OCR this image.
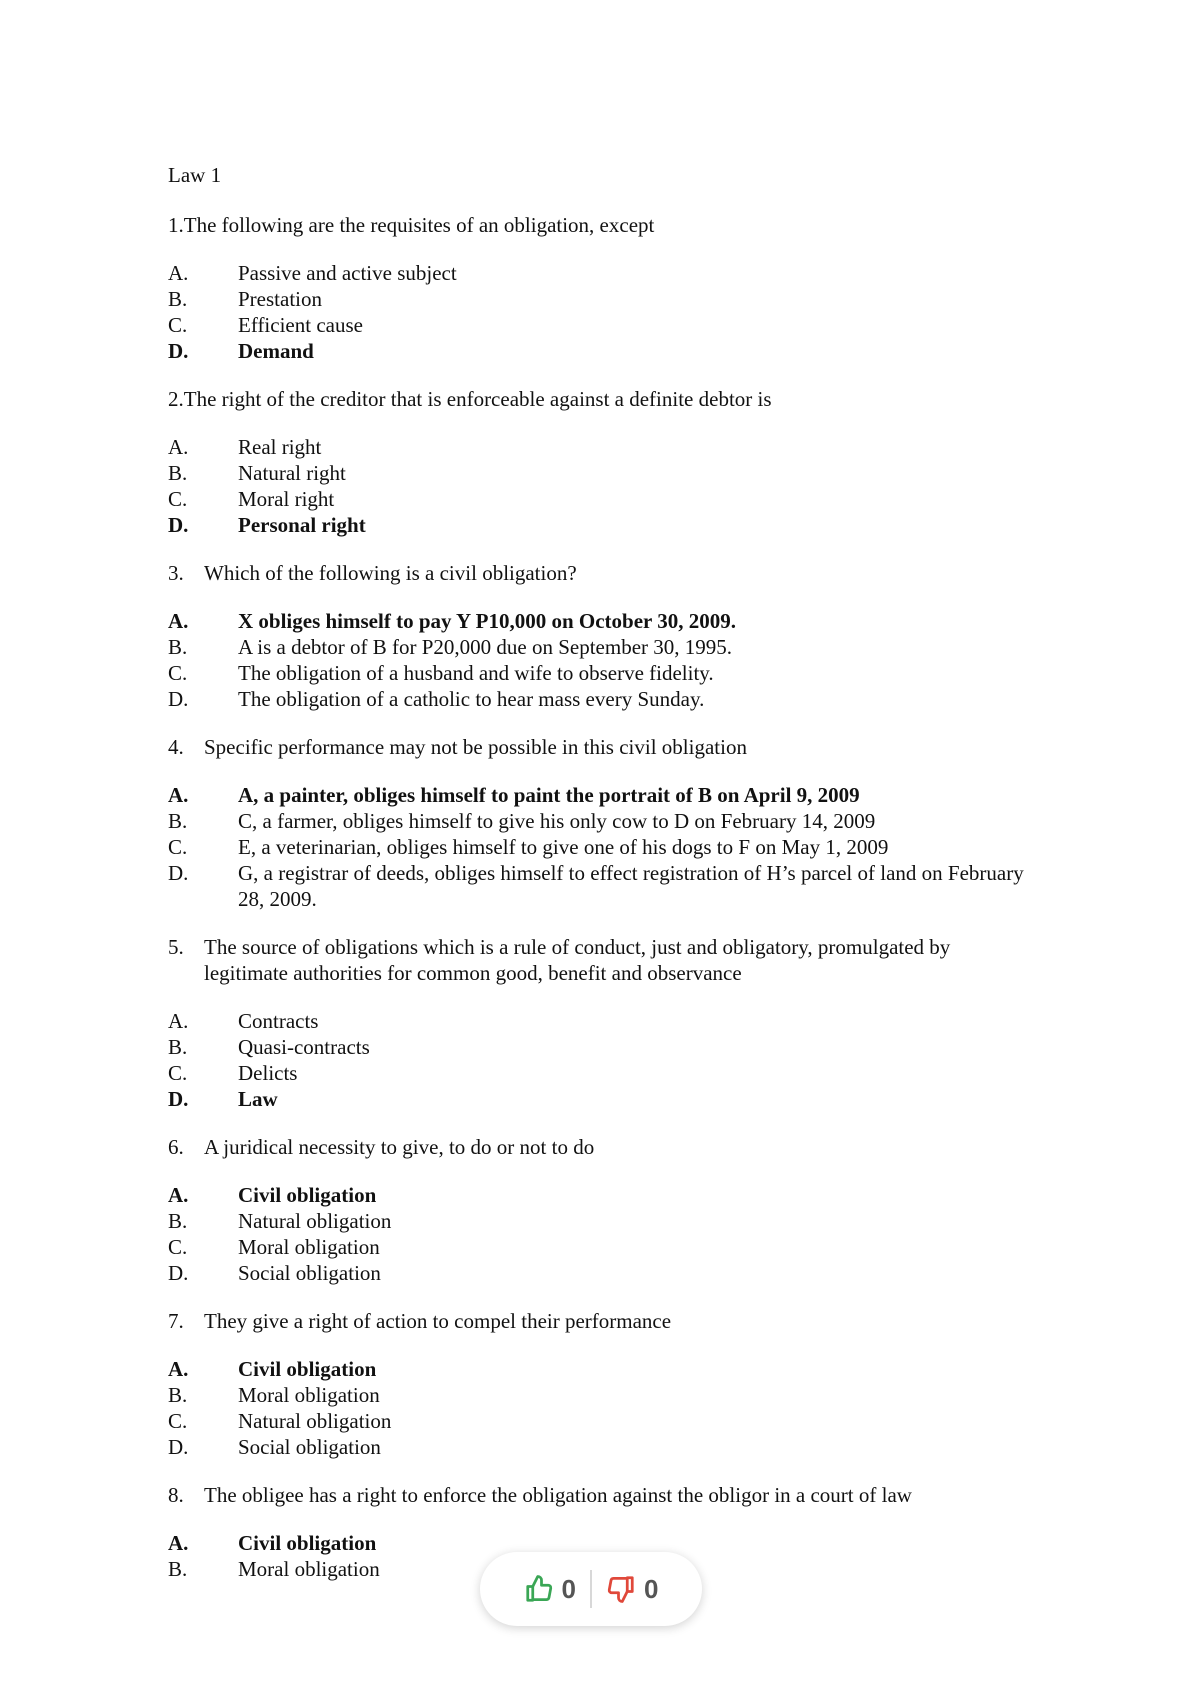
Law 1
1.The following are the requisites of an obligation, except
A.	Passive and active subject
B.	Prestation
C.	Efficient cause
D.	Demand
2.The right of the creditor that is enforceable against a definite debtor is
A.	Real right
B.	Natural right
C.	Moral right
D.	Personal right
3. Which of the following is a civil obligation?
A.	X obliges himself to pay Y P10,000 on October 30, 2009.
B.	A is a debtor of B for P20,000 due on September 30, 1995.
C.	The obligation of a husband and wife to observe fidelity.
D.	The obligation of a catholic to hear mass every Sunday.
4. Specific performance may not be possible in this civil obligation
A.	A, a painter, obliges himself to paint the portrait of B on April 9, 2009
B.	C, a farmer, obliges himself to give his only cow to D on February 14, 2009
C.	E, a veterinarian, obliges himself to give one of his dogs to F on May 1, 2009
D.	G, a registrar of deeds, obliges himself to effect registration of H’s parcel of land on February 28, 2009.
5. The source of obligations which is a rule of conduct, just and obligatory, promulgated by legitimate authorities for common good, benefit and observance
A.	Contracts
B.	Quasi-contracts
C.	Delicts
D.	Law
6. A juridical necessity to give, to do or not to do
A.	Civil obligation
B.	Natural obligation
C.	Moral obligation
D.	Social obligation
7. They give a right of action to compel their performance
A.	Civil obligation
B.	Moral obligation
C.	Natural obligation
D.	Social obligation
8. The obligee has a right to enforce the obligation against the obligor in a court of law
A.	Civil obligation
B.	Moral obligation
0	0
